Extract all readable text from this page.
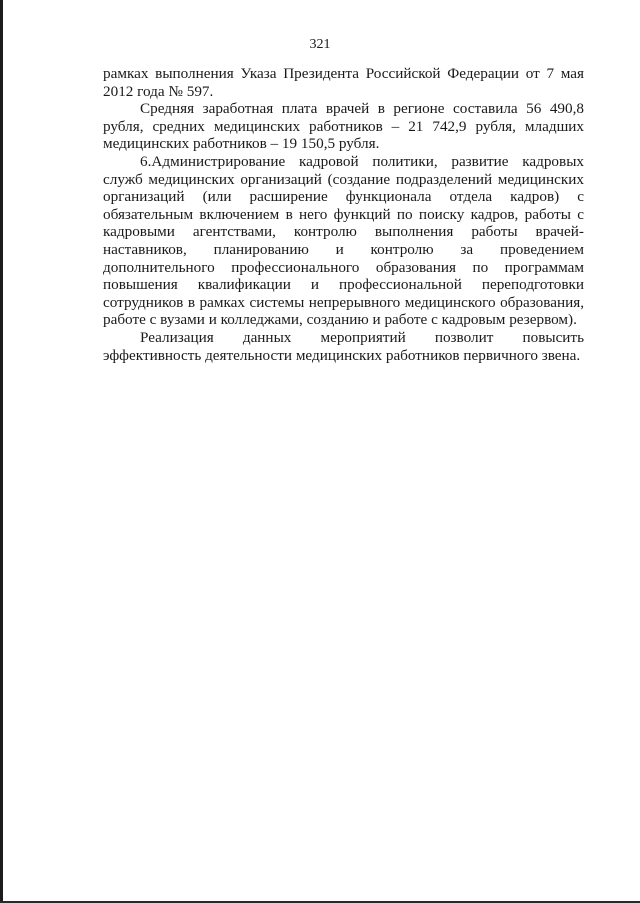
321

рамках выполнения Указа Президента Российской Федерации от 7 мая 2012 года № 597.

Средняя заработная плата врачей в регионе составила 56 490,8 рубля, средних медицинских работников – 21 742,9 рубля, младших медицинских работников – 19 150,5 рубля.

6.Администрирование кадровой политики, развитие кадровых служб медицинских организаций (создание подразделений медицинских организаций (или расширение функционала отдела кадров) с обязательным включением в него функций по поиску кадров, работы с кадровыми агентствами, контролю выполнения работы врачей-наставников, планированию и контролю за проведением дополнительного профессионального образования по программам повышения квалификации и профессиональной переподготовки сотрудников в рамках системы непрерывного медицинского образования, работе с вузами и колледжами, созданию и работе с кадровым резервом).

Реализация данных мероприятий позволит повысить эффективность деятельности медицинских работников первичного звена.
